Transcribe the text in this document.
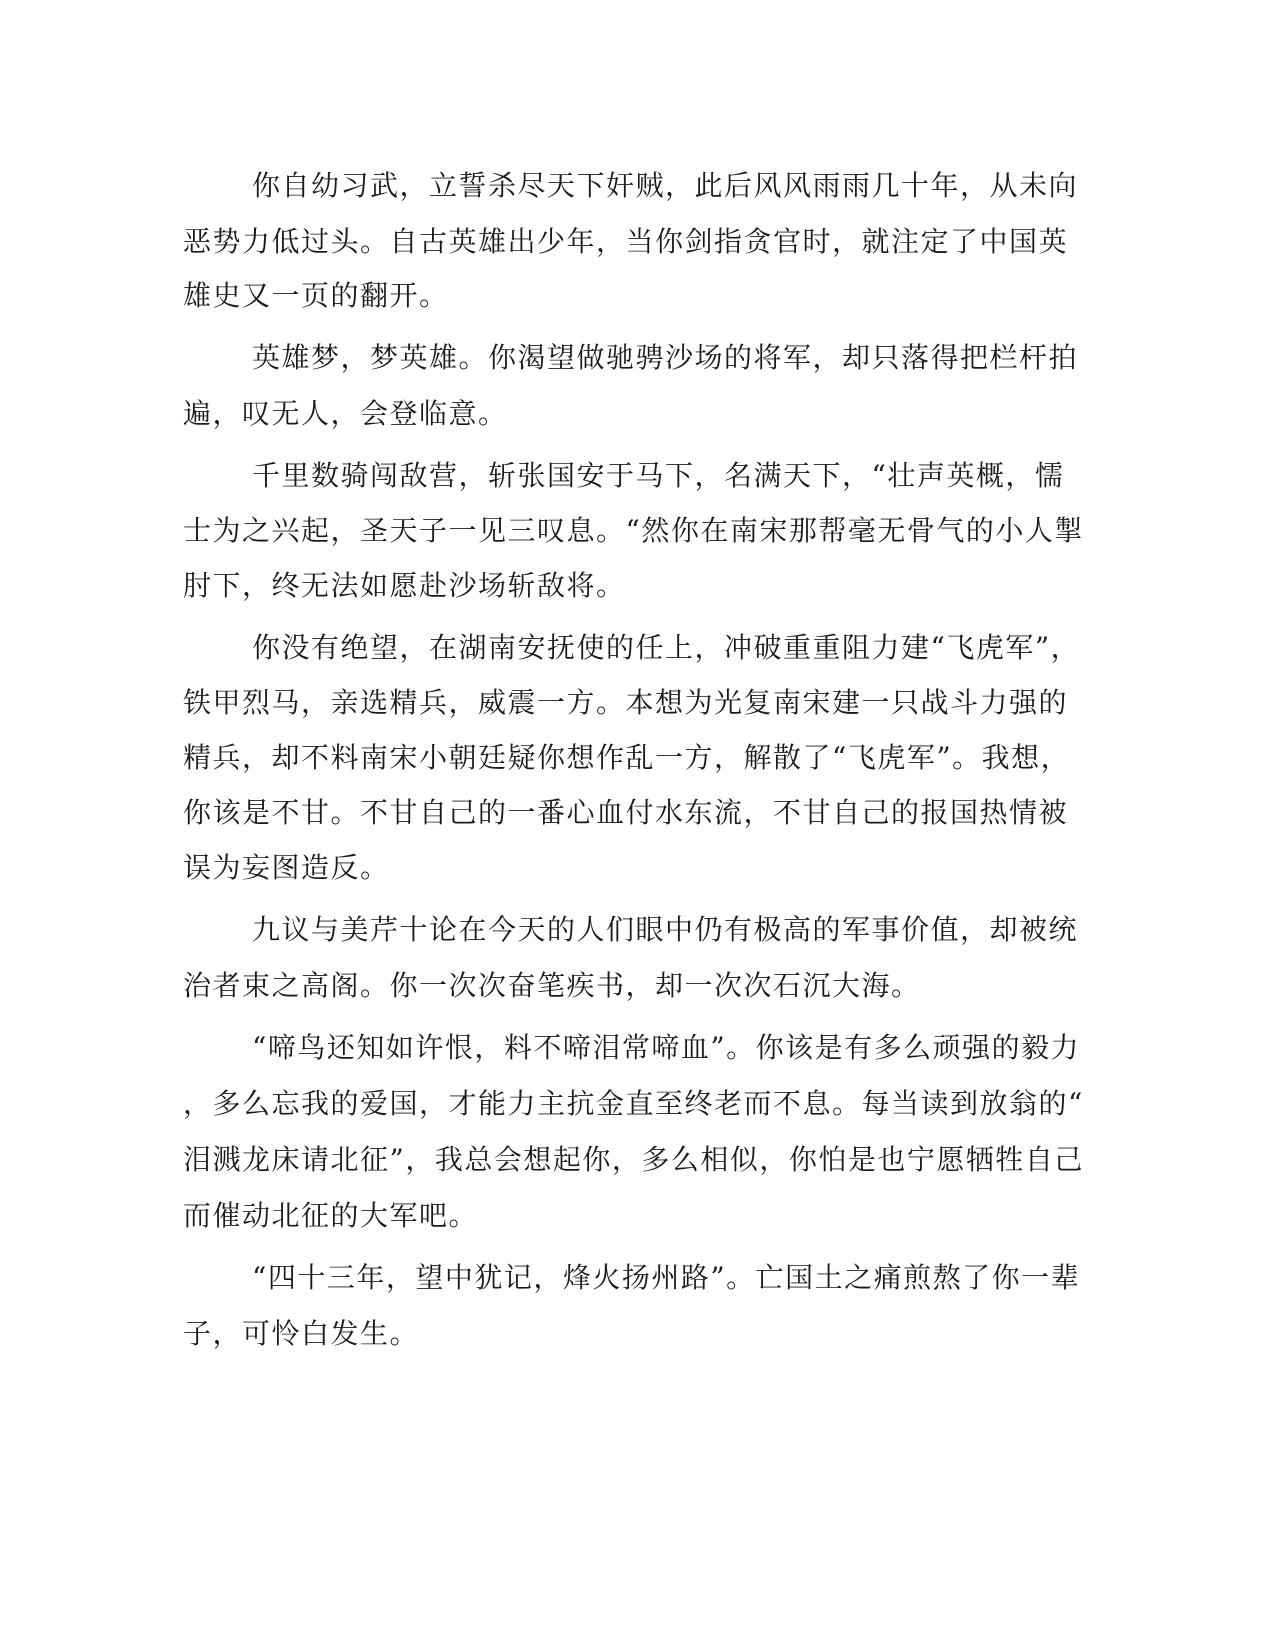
你自幼习武，立誓杀尽天下奸贼，此后风风雨雨几十年，从未向
恶势力低过头。自古英雄出少年，当你剑指贪官时，就注定了中国英
雄史又一页的翻开。
英雄梦，梦英雄。你渴望做驰骋沙场的将军，却只落得把栏杆拍
遍，叹无人，会登临意。
千里数骑闯敌营，斩张国安于马下，名满天下，“壮声英概，懦
士为之兴起，圣天子一见三叹息。“然你在南宋那帮毫无骨气的小人掣
肘下，终无法如愿赴沙场斩敌将。
你没有绝望，在湖南安抚使的任上，冲破重重阻力建“飞虎军”，
铁甲烈马，亲选精兵，威震一方。本想为光复南宋建一只战斗力强的
精兵，却不料南宋小朝廷疑你想作乱一方，解散了“飞虎军”。我想，
你该是不甘。不甘自己的一番心血付水东流，不甘自己的报国热情被
误为妄图造反。
九议与美芹十论在今天的人们眼中仍有极高的军事价值，却被统
治者束之高阁。你一次次奋笔疾书，却一次次石沉大海。
“啼鸟还知如许恨，料不啼泪常啼血”。你该是有多么顽强的毅力
，多么忘我的爱国，才能力主抗金直至终老而不息。每当读到放翁的“
泪溅龙床请北征”，我总会想起你，多么相似，你怕是也宁愿牺牲自己
而催动北征的大军吧。
“四十三年，望中犹记，烽火扬州路”。亡国土之痛煎熬了你一辈
子，可怜白发生。
